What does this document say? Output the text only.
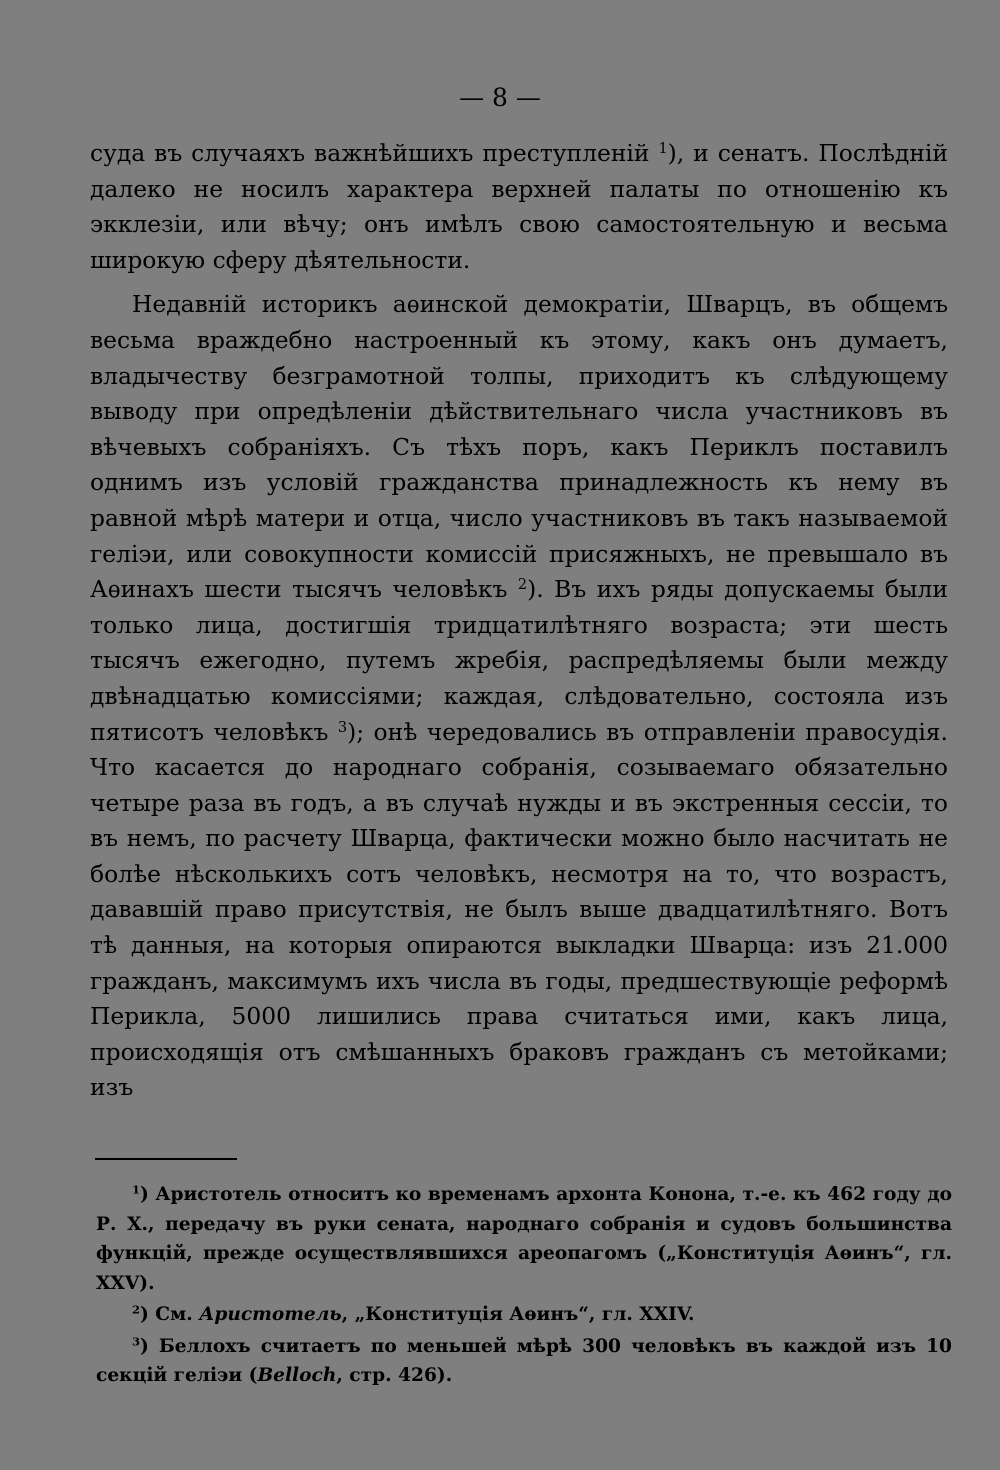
— 8 —

суда въ случаяхъ важнѣйшихъ преступленій $^1$), и сенатъ. Послѣдній далеко не носилъ характера верхней палаты по отношенію къ экклезіи, или вѣчу; онъ имѣлъ свою самостоятельную и весьма широкую сферу дѣятельности.

Недавній историкъ аѳинской демократіи, Шварцъ, въ общемъ весьма враждебно настроенный къ этому, какъ онъ думаетъ, владычеству безграмотной толпы, приходитъ къ слѣдующему выводу при опредѣленіи дѣйствительнаго числа участниковъ въ вѣчевыхъ собраніяхъ. Съ тѣхъ поръ, какъ Периклъ поставилъ однимъ изъ условій гражданства принадлежность къ нему въ равной мѣрѣ матери и отца, число участниковъ въ такъ называемой геліэи, или совокупности комиссій присяжныхъ, не превышало въ Аѳинахъ шести тысячъ человѣкъ $^2$). Въ ихъ ряды допускаемы были только лица, достигшія тридцатилѣтняго возраста; эти шесть тысячъ ежегодно, путемъ жребія, распредѣляемы были между двѣнадцатью комиссіями; каждая, слѣдовательно, состояла изъ пятисотъ человѣкъ $^3$); онѣ чередовались въ отправленіи правосудія. Что касается до народнаго собранія, созываемаго обязательно четыре раза въ годъ, а въ случаѣ нужды и въ экстренныя сессіи, то въ немъ, по расчету Шварца, фактически можно было насчитать не болѣе нѣсколькихъ сотъ человѣкъ, несмотря на то, что возрастъ, дававшій право присутствія, не былъ выше двадцатилѣтняго. Вотъ тѣ данныя, на которыя опираются выкладки Шварца: изъ 21.000 гражданъ, максимумъ ихъ числа въ годы, предшествующіе реформѣ Перикла, 5000 лишились права считаться ими, какъ лица, происходящія отъ смѣшанныхъ браковъ гражданъ съ метойками; изъ

$^1$) Аристотель относитъ ко временамъ архонта Конона, т.-е. къ 462 году до Р. Х., передачу въ руки сената, народнаго собранія и судовъ большинства функцій, прежде осуществлявшихся ареопагомъ („Конституція Аѳинъ“, гл. XXV).

$^2$) См. Аристотель, „Конституція Аѳинъ“, гл. XXIV.

$^3$) Беллохъ считаетъ по меньшей мѣрѣ 300 человѣкъ въ каждой изъ 10 секцій геліэи (Belloch, стр. 426).
